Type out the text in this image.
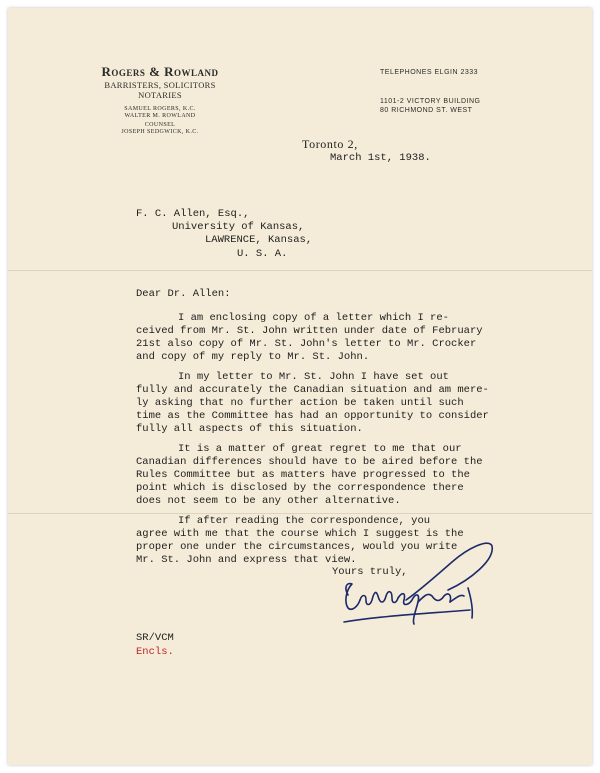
Rogers & Rowland
BARRISTERS, SOLICITORS
NOTARIES
SAMUEL ROGERS, K.C.
WALTER M. ROWLAND
COUNSEL
JOSEPH SEDGWICK, K.C.
TELEPHONES ELGIN 2333
1101-2 VICTORY BUILDING
80 RICHMOND ST. WEST
Toronto 2,
March 1st, 1938.
F. C. Allen, Esq.,
University of Kansas,
LAWRENCE, Kansas,
U. S. A.
Dear Dr. Allen:
I am enclosing copy of a letter which I re-
ceived from Mr. St. John written under date of February
21st also copy of Mr. St. John's letter to Mr. Crocker
and copy of my reply to Mr. St. John.
In my letter to Mr. St. John I have set out
fully and accurately the Canadian situation and am mere-
ly asking that no further action be taken until such
time as the Committee has had an opportunity to consider
fully all aspects of this situation.
It is a matter of great regret to me that our
Canadian differences should have to be aired before the
Rules Committee but as matters have progressed to the
point which is disclosed by the correspondence there
does not seem to be any other alternative.
If after reading the correspondence, you
agree with me that the course which I suggest is the
proper one under the circumstances, would you write
Mr. St. John and express that view.
Yours truly,
SR/VCM
Encls.
